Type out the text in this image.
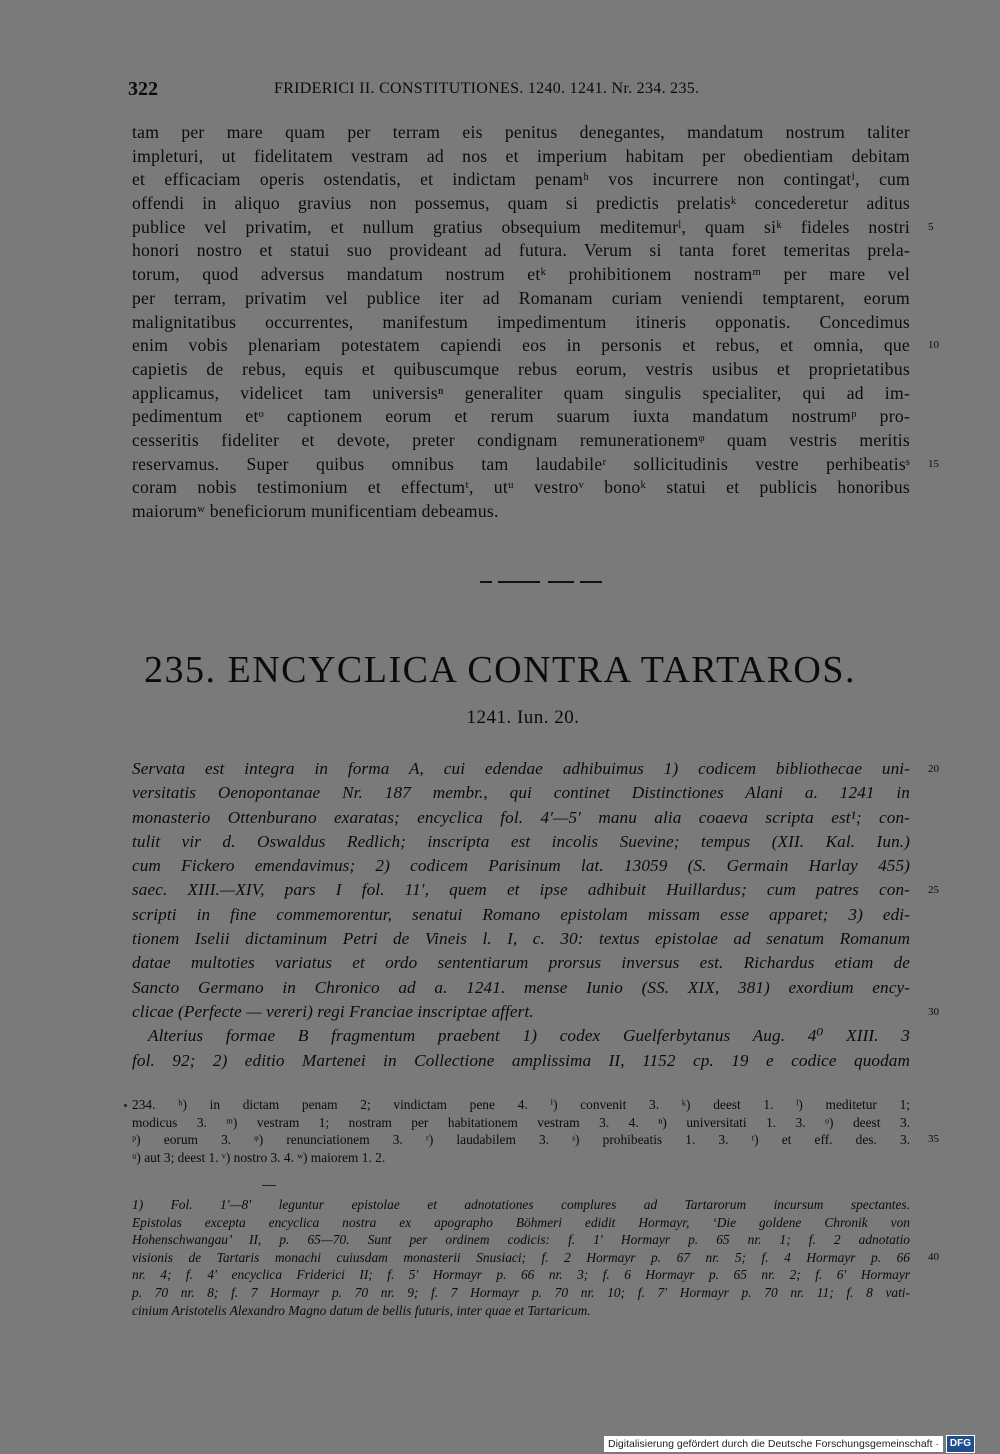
322	FRIDERICI II. CONSTITUTIONES. 1240. 1241. Nr. 234. 235.
tam per mare quam per terram eis penitus denegantes, mandatum nostrum taliter
impleturi, ut fidelitatem vestram ad nos et imperium habitam per obedientiam debitam
et efficaciam operis ostendatis, et indictam penamʰ vos incurrere non contingatⁱ, cum
offendi in aliquo gravius non possemus, quam si predictis prelatisᵏ concederetur aditus
publice vel privatim, et nullum gratius obsequium meditemurˡ, quam siᵏ fideles nostri 5
honori nostro et statui suo provideant ad futura. Verum si tanta foret temeritas prela-
torum, quod adversus mandatum nostrum etᵏ prohibitionem nostramᵐ per mare vel
per terram, privatim vel publice iter ad Romanam curiam veniendi temptarent, eorum
malignitatibus occurrentes, manifestum impedimentum itineris opponatis. Concedimus
enim vobis plenariam potestatem capiendi eos in personis et rebus, et omnia, que 10
capietis de rebus, equis et quibuscumque rebus eorum, vestris usibus et proprietatibus
applicamus, videlicet tam universisⁿ generaliter quam singulis specialiter, qui ad im-
pedimentum etᵒ captionem eorum et rerum suarum iuxta mandatum nostrumᵖ pro-
cesseritis fideliter et devote, preter condignam remunerationemᵠ quam vestris meritis
reservamus. Super quibus omnibus tam laudabileʳ sollicitudinis vestre perhibeatisˢ 15
coram nobis testimonium et effectumᵗ, utᵘ vestroᵛ bonoᵏ statui et publicis honoribus
maiorumʷ beneficiorum munificentiam debeamus.
235. ENCYCLICA CONTRA TARTAROS.
1241. Iun. 20.
Servata est integra in forma A, cui edendae adhibuimus 1) codicem bibliothecae uni- 20
versitatis Oenopontanae Nr. 187 membr., qui continet Distinctiones Alani a. 1241 in
monasterio Ottenburano exaratas; encyclica fol. 4′—5′ manu alia coaeva scripta est¹; con-
tulit vir d. Oswaldus Redlich; inscripta est incolis Suevine; tempus (XII. Kal. Iun.)
cum Fickero emendavimus; 2) codicem Parisinum lat. 13059 (S. Germain Harlay 455)
saec. XIII.—XIV, pars I fol. 11′, quem et ipse adhibuit Huillardus; cum patres con- 25
scripti in fine commemorentur, senatui Romano epistolam missam esse apparet; 3) edi-
tionem Iselii dictaminum Petri de Vineis l. I, c. 30: textus epistolae ad senatum Romanum
datae multoties variatus et ordo sententiarum prorsus inversus est. Richardus etiam de
Sancto Germano in Chronico ad a. 1241. mense Iunio (SS. XIX, 381) exordium ency-
clicae (Perfecte — vereri) regi Franciae inscriptae affert.	30
Alterius formae B fragmentum praebent 1) codex Guelferbytanus Aug. 4⁰ XIII. 3
fol. 92; 2) editio Martenei in Collectione amplissima II, 1152 cp. 19 e codice quodam
234. ʰ) in dictam penam 2; vindictam pene 4. ⁱ) convenit 3. ᵏ) deest 1. ˡ) meditetur 1;
modicus 3. ᵐ) vestram 1; nostram per habitationem vestram 3. 4. ⁿ) universitati 1. 3. ᵒ) deest 3.
ᵖ) eorum 3. ᵠ) renunciationem 3. ʳ) laudabilem 3. ˢ) prohibeatis 1. 3. ᵗ) et eff. des. 3. 35
ᵘ) aut 3; deest 1. ᵛ) nostro 3. 4. ʷ) maiorem 1. 2.
1) Fol. 1′—8′ leguntur epistolae et adnotationes complures ad Tartarorum incursum spectantes.
Epistolas excepta encyclica nostra ex apographo Böhmeri edidit Hormayr, ‘Die goldene Chronik von
Hohenschwangau’ II, p. 65—70. Sunt per ordinem codicis: f. 1′ Hormayr p. 65 nr. 1; f. 2 adnotatio
visionis de Tartaris monachi cuiusdam monasterii Snusiaci; f. 2 Hormayr p. 67 nr. 5; f. 4 Hormayr p. 66 40
nr. 4; f. 4′ encyclica Friderici II; f. 5′ Hormayr p. 66 nr. 3; f. 6 Hormayr p. 65 nr. 2; f. 6′ Hormayr
p. 70 nr. 8; f. 7 Hormayr p. 70 nr. 9; f. 7 Hormayr p. 70 nr. 10; f. 7′ Hormayr p. 70 nr. 11; f. 8 vati-
cinium Aristotelis Alexandro Magno datum de bellis futuris, inter quae et Tartaricum.
Digitalisierung gefördert durch die Deutsche Forschungsgemeinschaft ·	DFG
